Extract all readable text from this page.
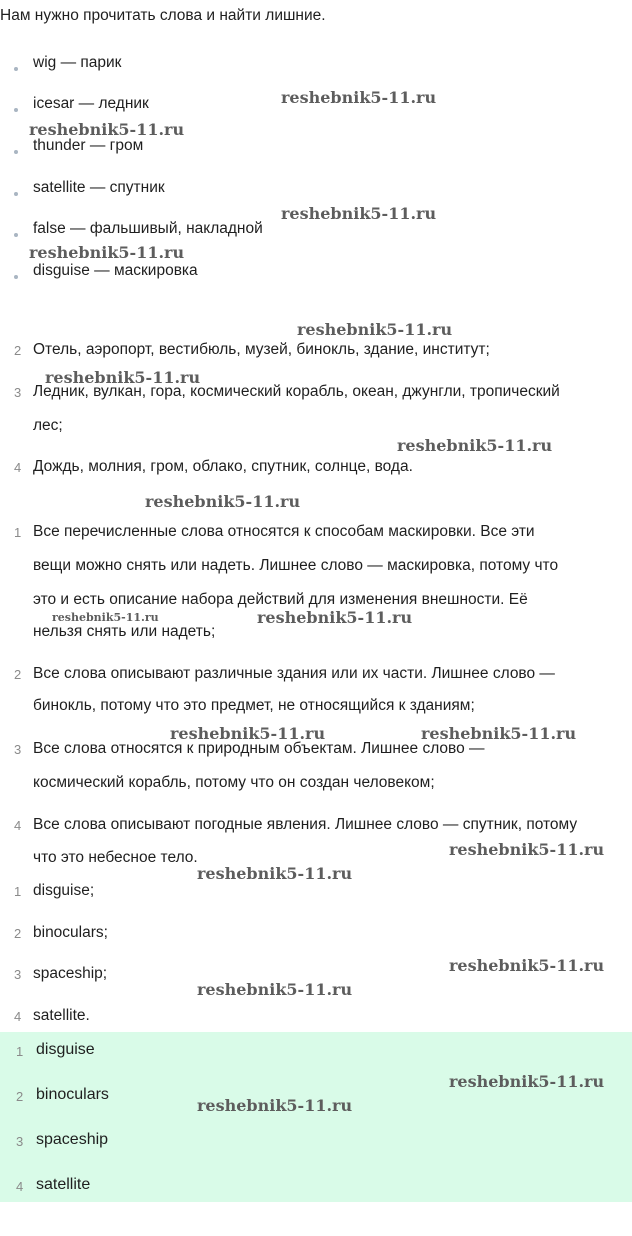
Нам нужно прочитать слова и найти лишние.
wig — парик
icesar — ледник
thunder — гром
satellite — спутник
false — фальшивый, накладной
disguise — маскировка
2 Отель, аэропорт, вестибюль, музей, бинокль, здание, институт;
3 Ледник, вулкан, гора, космический корабль, океан, джунгли, тропический
лес;
4 Дождь, молния, гром, облако, спутник, солнце, вода.
1 Все перечисленные слова относятся к способам маскировки. Все эти
вещи можно снять или надеть. Лишнее слово — маскировка, потому что
это и есть описание набора действий для изменения внешности. Её
нельзя снять или надеть;
2 Все слова описывают различные здания или их части. Лишнее слово —
бинокль, потому что это предмет, не относящийся к зданиям;
3 Все слова относятся к природным объектам. Лишнее слово —
космический корабль, потому что он создан человеком;
4 Все слова описывают погодные явления. Лишнее слово — спутник, потому
что это небесное тело.
1 disguise;
2 binoculars;
3 spaceship;
4 satellite.
1 disguise
2 binoculars
3 spaceship
4 satellite
reshebnik5-11.ru
reshebnik5-11.ru
reshebnik5-11.ru
reshebnik5-11.ru
reshebnik5-11.ru
reshebnik5-11.ru
reshebnik5-11.ru
reshebnik5-11.ru
reshebnik5-11.ru	reshebnik5-11.ru
reshebnik5-11.ru	reshebnik5-11.ru
reshebnik5-11.ru
reshebnik5-11.ru
reshebnik5-11.ru
reshebnik5-11.ru
reshebnik5-11.ru
reshebnik5-11.ru
